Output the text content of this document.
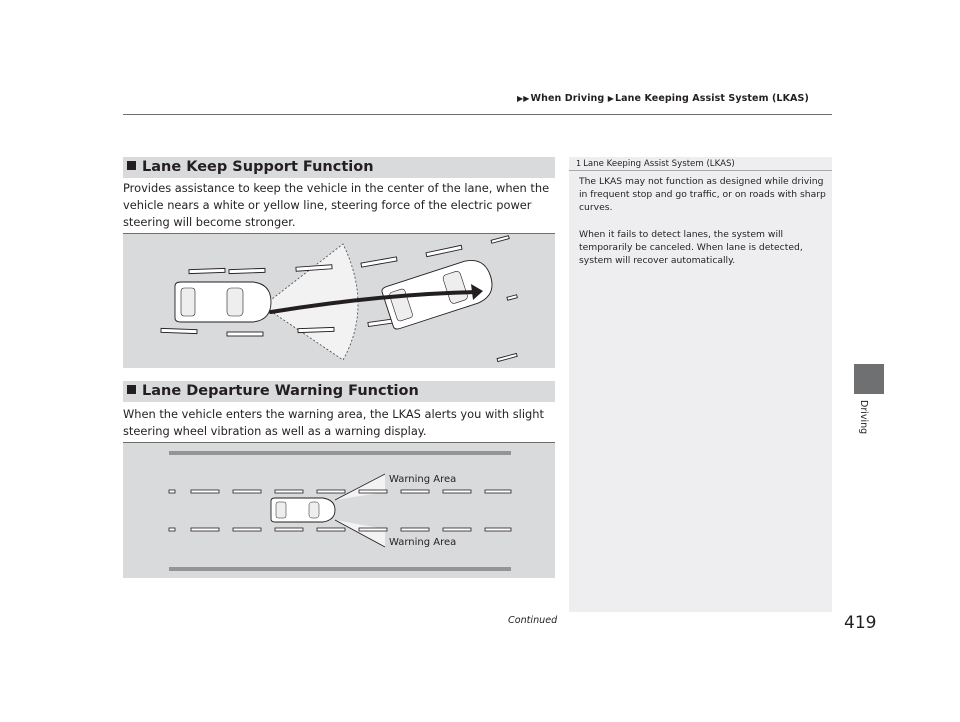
▶▶When Driving ▶Lane Keeping Assist System (LKAS)
Driving
Lane Keep Support Function
Provides assistance to keep the vehicle in the center of the lane, when the vehicle nears a white or yellow line, steering force of the electric power steering will become stronger.
Lane Departure Warning Function
When the vehicle enters the warning area, the LKAS alerts you with slight steering wheel vibration as well as a warning display.
Warning Area
Warning Area
1 Lane Keeping Assist System (LKAS)

The LKAS may not function as designed while driving in frequent stop and go traffic, or on roads with sharp curves.

When it fails to detect lanes, the system will temporarily be canceled. When lane is detected, system will recover automatically.

Continued	419
